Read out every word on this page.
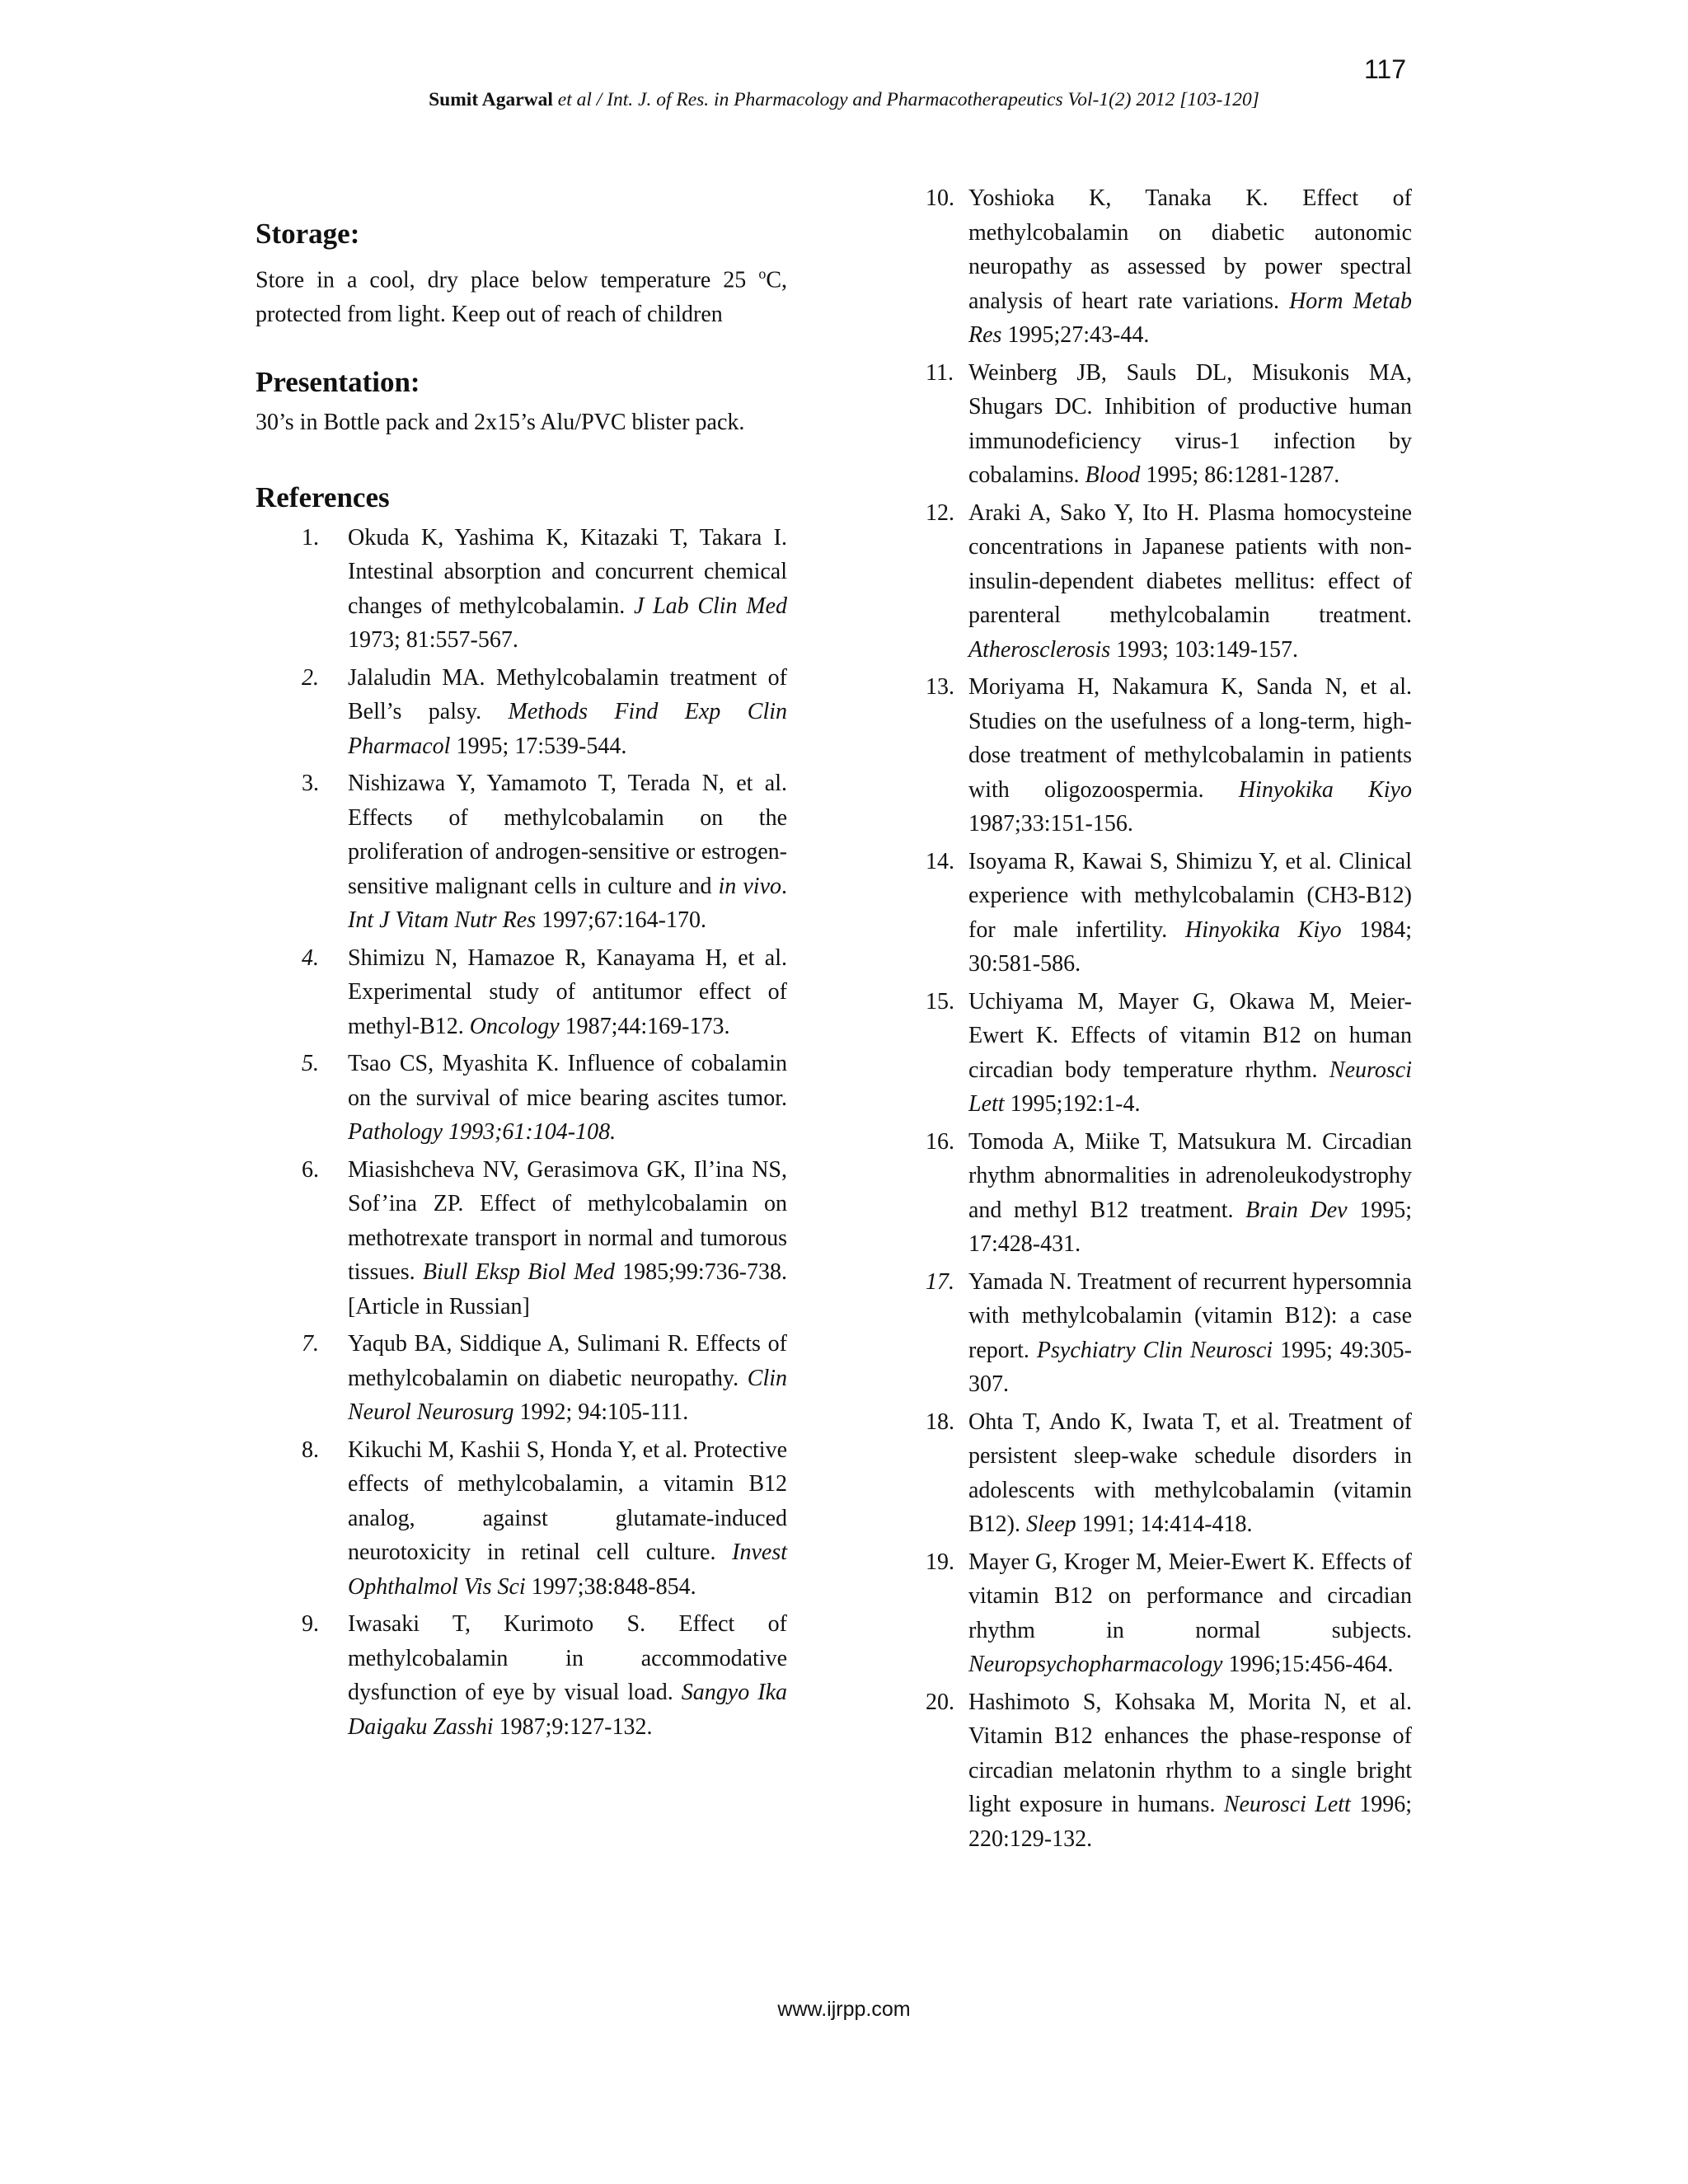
117
Sumit Agarwal et al / Int. J. of Res. in Pharmacology and Pharmacotherapeutics Vol-1(2) 2012 [103-120]
Storage:

Store in a cool, dry place below temperature 25 $^o$C, protected from light. Keep out of reach of children

Presentation:

30’s in Bottle pack and 2x15’s Alu/PVC blister pack.

References
1. Okuda K, Yashima K, Kitazaki T, Takara I. Intestinal absorption and concurrent chemical changes of methylcobalamin. J Lab Clin Med 1973; 81:557-567.
2. Jalaludin MA. Methylcobalamin treatment of Bell’s palsy. Methods Find Exp Clin Pharmacol 1995; 17:539-544.
3. Nishizawa Y, Yamamoto T, Terada N, et al. Effects of methylcobalamin on the proliferation of androgen-sensitive or estrogen-sensitive malignant cells in culture and in vivo. Int J Vitam Nutr Res 1997;67:164-170.
4. Shimizu N, Hamazoe R, Kanayama H, et al. Experimental study of antitumor effect of methyl-B12. Oncology 1987;44:169-173.
5. Tsao CS, Myashita K. Influence of cobalamin on the survival of mice bearing ascites tumor. Pathology 1993;61:104-108.
6. Miasishcheva NV, Gerasimova GK, Il’ina NS, Sof’ina ZP. Effect of methylcobalamin on methotrexate transport in normal and tumorous tissues. Biull Eksp Biol Med 1985;99:736-738. [Article in Russian]
7. Yaqub BA, Siddique A, Sulimani R. Effects of methylcobalamin on diabetic neuropathy. Clin Neurol Neurosurg 1992; 94:105-111.
8. Kikuchi M, Kashii S, Honda Y, et al. Protective effects of methylcobalamin, a vitamin B12 analog, against glutamate-induced neurotoxicity in retinal cell culture. Invest Ophthalmol Vis Sci 1997;38:848-854.
9. Iwasaki T, Kurimoto S. Effect of methylcobalamin in accommodative dysfunction of eye by visual load. Sangyo Ika Daigaku Zasshi 1987;9:127-132.
10. Yoshioka K, Tanaka K. Effect of methylcobalamin on diabetic autonomic neuropathy as assessed by power spectral analysis of heart rate variations. Horm Metab Res 1995;27:43-44.
11. Weinberg JB, Sauls DL, Misukonis MA, Shugars DC. Inhibition of productive human immunodeficiency virus-1 infection by cobalamins. Blood 1995; 86:1281-1287.
12. Araki A, Sako Y, Ito H. Plasma homocysteine concentrations in Japanese patients with non-insulin-dependent diabetes mellitus: effect of parenteral methylcobalamin treatment. Atherosclerosis 1993; 103:149-157.
13. Moriyama H, Nakamura K, Sanda N, et al. Studies on the usefulness of a long-term, high-dose treatment of methylcobalamin in patients with oligozoospermia. Hinyokika Kiyo 1987;33:151-156.
14. Isoyama R, Kawai S, Shimizu Y, et al. Clinical experience with methylcobalamin (CH3-B12) for male infertility. Hinyokika Kiyo 1984; 30:581-586.
15. Uchiyama M, Mayer G, Okawa M, Meier-Ewert K. Effects of vitamin B12 on human circadian body temperature rhythm. Neurosci Lett 1995;192:1-4.
16. Tomoda A, Miike T, Matsukura M. Circadian rhythm abnormalities in adrenoleukodystrophy and methyl B12 treatment. Brain Dev 1995; 17:428-431.
17. Yamada N. Treatment of recurrent hypersomnia with methylcobalamin (vitamin B12): a case report. Psychiatry Clin Neurosci 1995; 49:305-307.
18. Ohta T, Ando K, Iwata T, et al. Treatment of persistent sleep-wake schedule disorders in adolescents with methylcobalamin (vitamin B12). Sleep 1991; 14:414-418.
19. Mayer G, Kroger M, Meier-Ewert K. Effects of vitamin B12 on performance and circadian rhythm in normal subjects. Neuropsychopharmacology 1996;15:456-464.
20. Hashimoto S, Kohsaka M, Morita N, et al. Vitamin B12 enhances the phase-response of circadian melatonin rhythm to a single bright light exposure in humans. Neurosci Lett 1996; 220:129-132.
www.ijrpp.com
